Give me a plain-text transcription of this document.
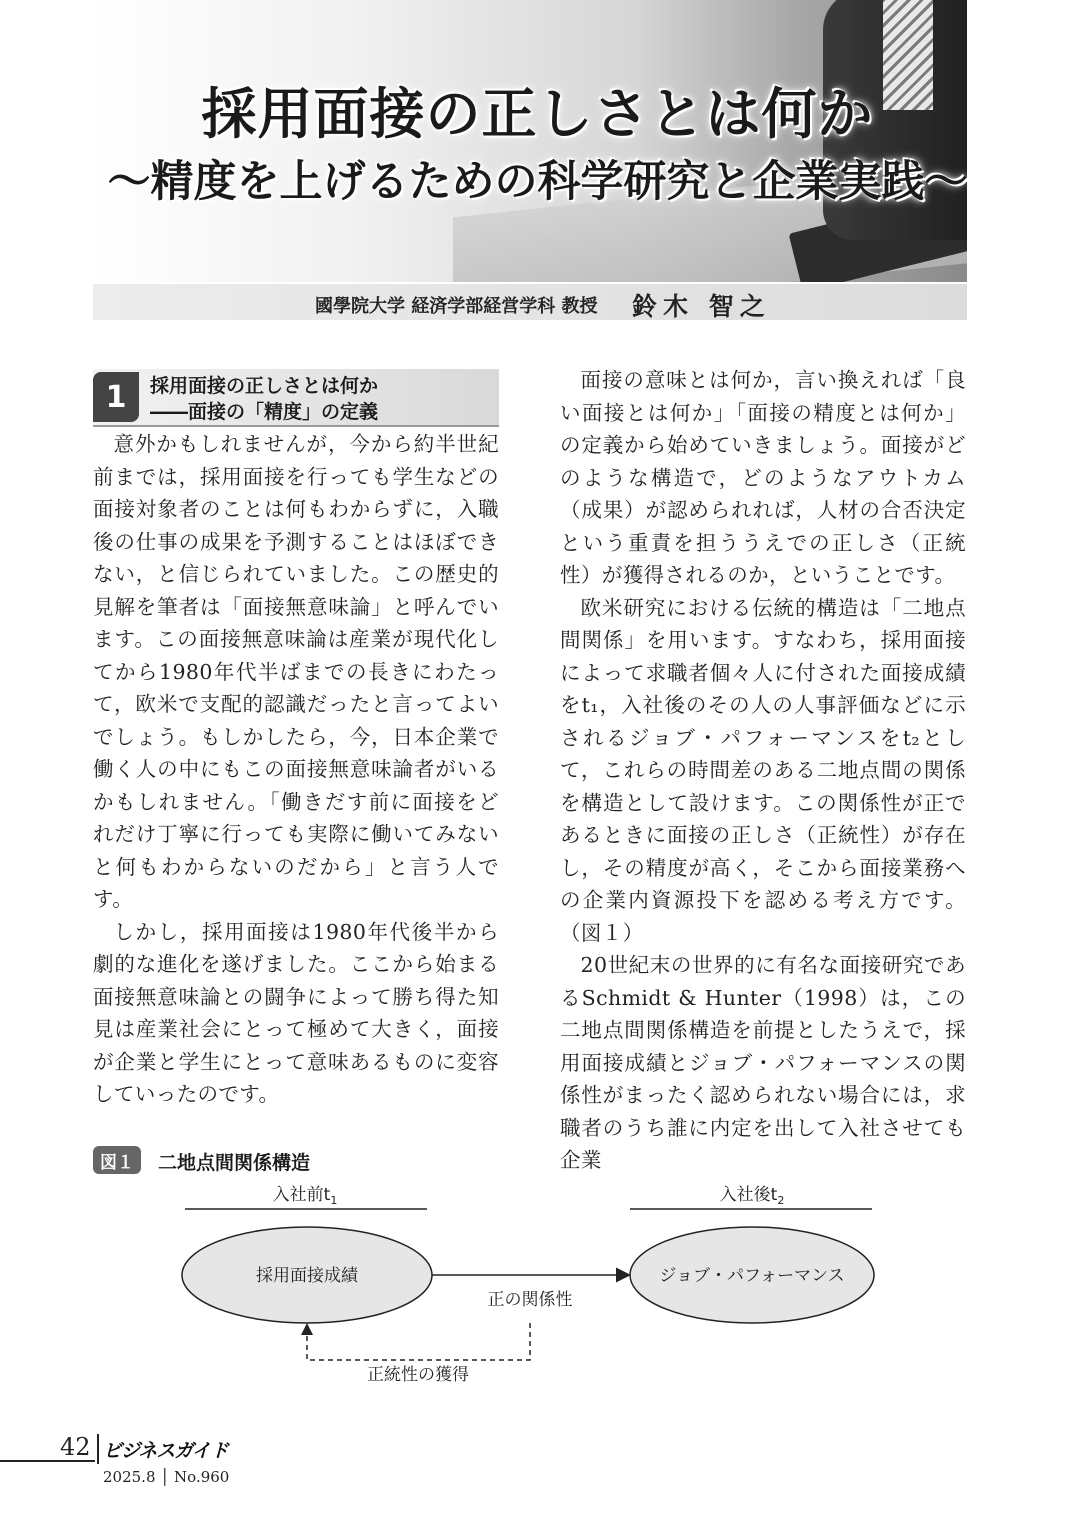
採用面接の正しさとは何か
～精度を上げるための科学研究と企業実践～
國學院大学 経済学部経営学科 教授 鈴木 智之
1	採用面接の正しさとは何か
――面接の「精度」の定義

意外かもしれませんが，今から約半世紀前までは，採用面接を行っても学生などの面接対象者のことは何もわからずに，入職後の仕事の成果を予測することはほぼできない，と信じられていました。この歴史的見解を筆者は「面接無意味論」と呼んでいます。この面接無意味論は産業が現代化してから1980年代半ばまでの長きにわたって，欧米で支配的認識だったと言ってよいでしょう。もしかしたら，今，日本企業で働く人の中にもこの面接無意味論者がいるかもしれません。「働きだす前に面接をどれだけ丁寧に行っても実際に働いてみないと何もわからないのだから」と言う人です。

しかし，採用面接は1980年代後半から劇的な進化を遂げました。ここから始まる面接無意味論との闘争によって勝ち得た知見は産業社会にとって極めて大きく，面接が企業と学生にとって意味あるものに変容していったのです。

面接の意味とは何か，言い換えれば「良い面接とは何か」「面接の精度とは何か」の定義から始めていきましょう。面接がどのような構造で，どのようなアウトカム（成果）が認められれば，人材の合否決定という重責を担ううえでの正しさ（正統性）が獲得されるのか，ということです。

欧米研究における伝統的構造は「二地点間関係」を用います。すなわち，採用面接によって求職者個々人に付された面接成績をt₁，入社後のその人の人事評価などに示されるジョブ・パフォーマンスをt₂として，これらの時間差のある二地点間の関係を構造として設けます。この関係性が正であるときに面接の正しさ（正統性）が存在し，その精度が高く，そこから面接業務への企業内資源投下を認める考え方です。（図１）

20世紀末の世界的に有名な面接研究であるSchmidt & Hunter（1998）は，この二地点間関係構造を前提としたうえで，採用面接成績とジョブ・パフォーマンスの関係性がまったく認められない場合には，求職者のうち誰に内定を出して入社させても企業

図１	二地点間関係構造
入社前$t_1$	入社後$t_2$
採用面接成績	ジョブ・パフォーマンス
正の関係性
正統性の獲得
42 ビジネスガイド
2025.8 │ No.960
